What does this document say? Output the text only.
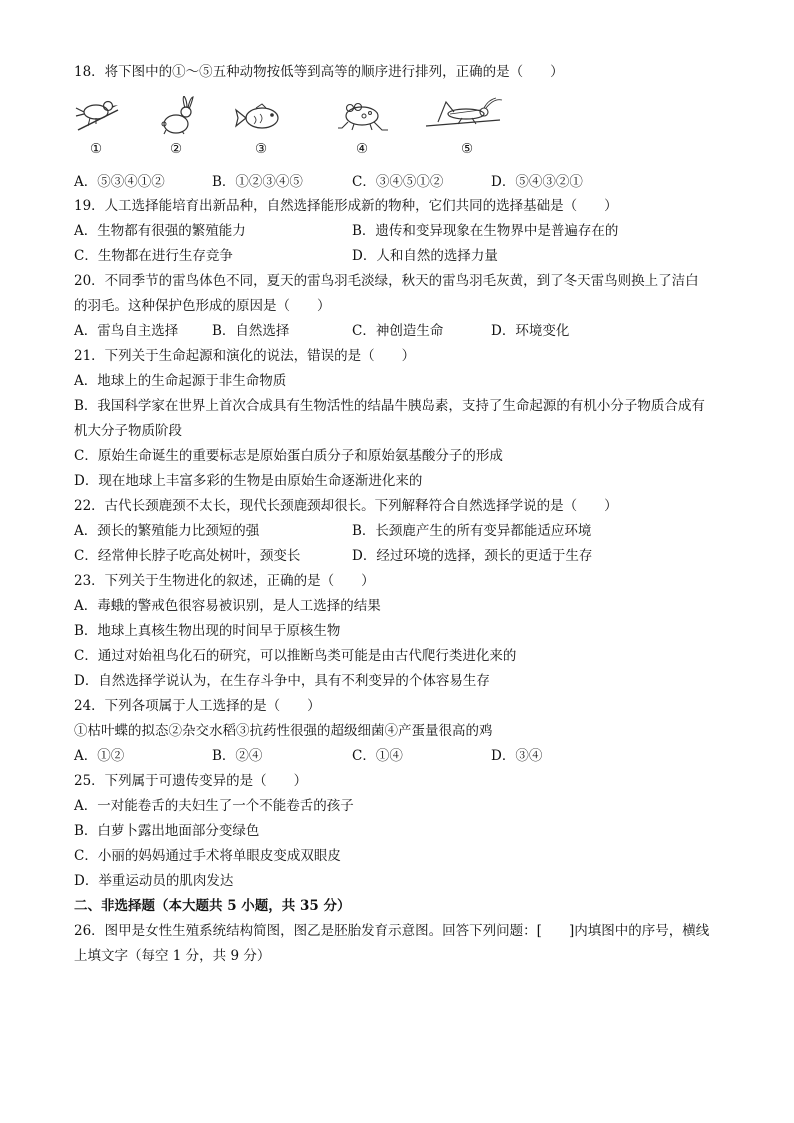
18．将下图中的①～⑤五种动物按低等到高等的顺序进行排列，正确的是（　　）
①	②	③	④	⑤
A．⑤③④①②	B．①②③④⑤	C．③④⑤①②	D．⑤④③②①
19．人工选择能培育出新品种，自然选择能形成新的物种，它们共同的选择基础是（　　）
A．生物都有很强的繁殖能力	B．遗传和变异现象在生物界中是普遍存在的
C．生物都在进行生存竞争	D．人和自然的选择力量
20．不同季节的雷鸟体色不同，夏天的雷鸟羽毛淡绿，秋天的雷鸟羽毛灰黄，到了冬天雷鸟则换上了洁白
的羽毛。这种保护色形成的原因是（　　）
A．雷鸟自主选择	B．自然选择	C．神创造生命	D．环境变化
21．下列关于生命起源和演化的说法，错误的是（　　）
A．地球上的生命起源于非生命物质
B．我国科学家在世界上首次合成具有生物活性的结晶牛胰岛素，支持了生命起源的有机小分子物质合成有
机大分子物质阶段
C．原始生命诞生的重要标志是原始蛋白质分子和原始氨基酸分子的形成
D．现在地球上丰富多彩的生物是由原始生命逐渐进化来的
22．古代长颈鹿颈不太长，现代长颈鹿颈却很长。下列解释符合自然选择学说的是（　　）
A．颈长的繁殖能力比颈短的强	B．长颈鹿产生的所有变异都能适应环境
C．经常伸长脖子吃高处树叶，颈变长	D．经过环境的选择，颈长的更适于生存
23．下列关于生物进化的叙述，正确的是（　　）
A．毒蛾的警戒色很容易被识别，是人工选择的结果
B．地球上真核生物出现的时间早于原核生物
C．通过对始祖鸟化石的研究，可以推断鸟类可能是由古代爬行类进化来的
D．自然选择学说认为，在生存斗争中，具有不利变异的个体容易生存
24．下列各项属于人工选择的是（　　）
①枯叶蝶的拟态②杂交水稻③抗药性很强的超级细菌④产蛋量很高的鸡
A．①②	B．②④	C．①④	D．③④
25．下列属于可遗传变异的是（　　）
A．一对能卷舌的夫妇生了一个不能卷舌的孩子
B．白萝卜露出地面部分变绿色
C．小丽的妈妈通过手术将单眼皮变成双眼皮
D．举重运动员的肌肉发达
二、非选择题（本大题共 5 小题，共 35 分）
26．图甲是女性生殖系统结构简图，图乙是胚胎发育示意图。回答下列问题：[　　]内填图中的序号，横线
上填文字（每空 1 分，共 9 分）
